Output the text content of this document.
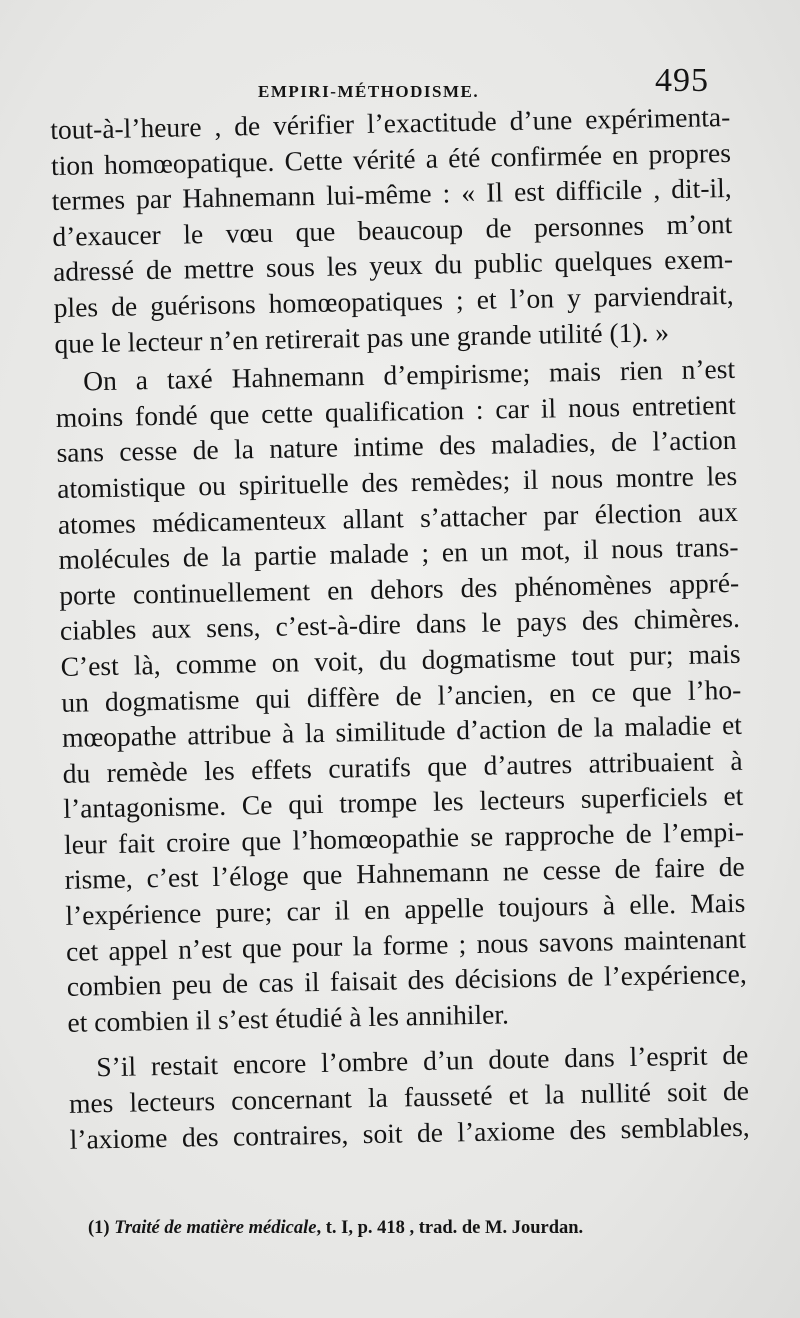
EMPIRI-MÉTHODISME.	495
tout-à-l’heure , de vérifier l’exactitude d’une expérimenta-
tion homœopatique. Cette vérité a été confirmée en propres
termes par Hahnemann lui-même : « Il est difficile , dit-il,
d’exaucer le vœu que beaucoup de personnes m’ont
adressé de mettre sous les yeux du public quelques exem-
ples de guérisons homœopatiques ; et l’on y parviendrait,
que le lecteur n’en retirerait pas une grande utilité (1). »
On a taxé Hahnemann d’empirisme; mais rien n’est
moins fondé que cette qualification : car il nous entretient
sans cesse de la nature intime des maladies, de l’action
atomistique ou spirituelle des remèdes; il nous montre les
atomes médicamenteux allant s’attacher par élection aux
molécules de la partie malade ; en un mot, il nous trans-
porte continuellement en dehors des phénomènes appré-
ciables aux sens, c’est-à-dire dans le pays des chimères.
C’est là, comme on voit, du dogmatisme tout pur; mais
un dogmatisme qui diffère de l’ancien, en ce que l’ho-
mœopathe attribue à la similitude d’action de la maladie et
du remède les effets curatifs que d’autres attribuaient à
l’antagonisme. Ce qui trompe les lecteurs superficiels et
leur fait croire que l’homœopathie se rapproche de l’empi-
risme, c’est l’éloge que Hahnemann ne cesse de faire de
l’expérience pure; car il en appelle toujours à elle. Mais
cet appel n’est que pour la forme ; nous savons maintenant
combien peu de cas il faisait des décisions de l’expérience,
et combien il s’est étudié à les annihiler.
S’il restait encore l’ombre d’un doute dans l’esprit de
mes lecteurs concernant la fausseté et la nullité soit de
l’axiome des contraires, soit de l’axiome des semblables,
(1) Traité de matière médicale, t. I, p. 418 , trad. de M. Jourdan.
